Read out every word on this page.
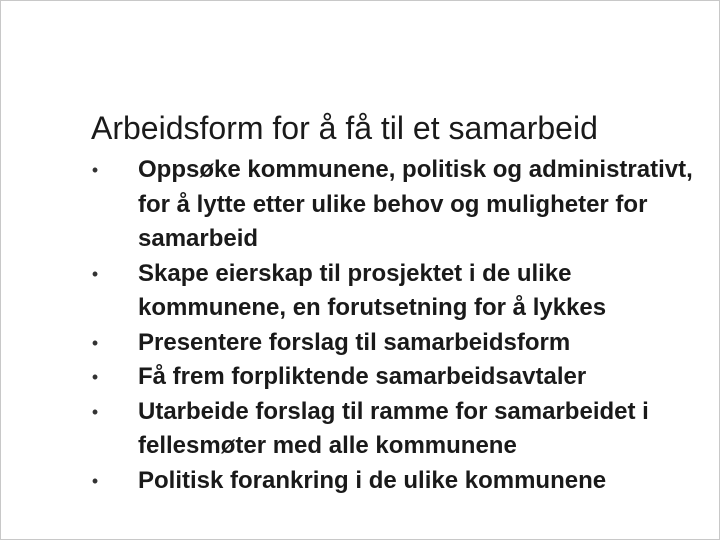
Arbeidsform for å få til et samarbeid
• Oppsøke kommunene, politisk og administrativt, for å lytte etter ulike behov og muligheter for samarbeid
• Skape eierskap til prosjektet i de ulike kommunene, en forutsetning for å lykkes
• Presentere forslag til samarbeidsform
• Få frem forpliktende samarbeidsavtaler
• Utarbeide forslag til ramme for samarbeidet i fellesmøter med alle kommunene
• Politisk forankring i de ulike kommunene
